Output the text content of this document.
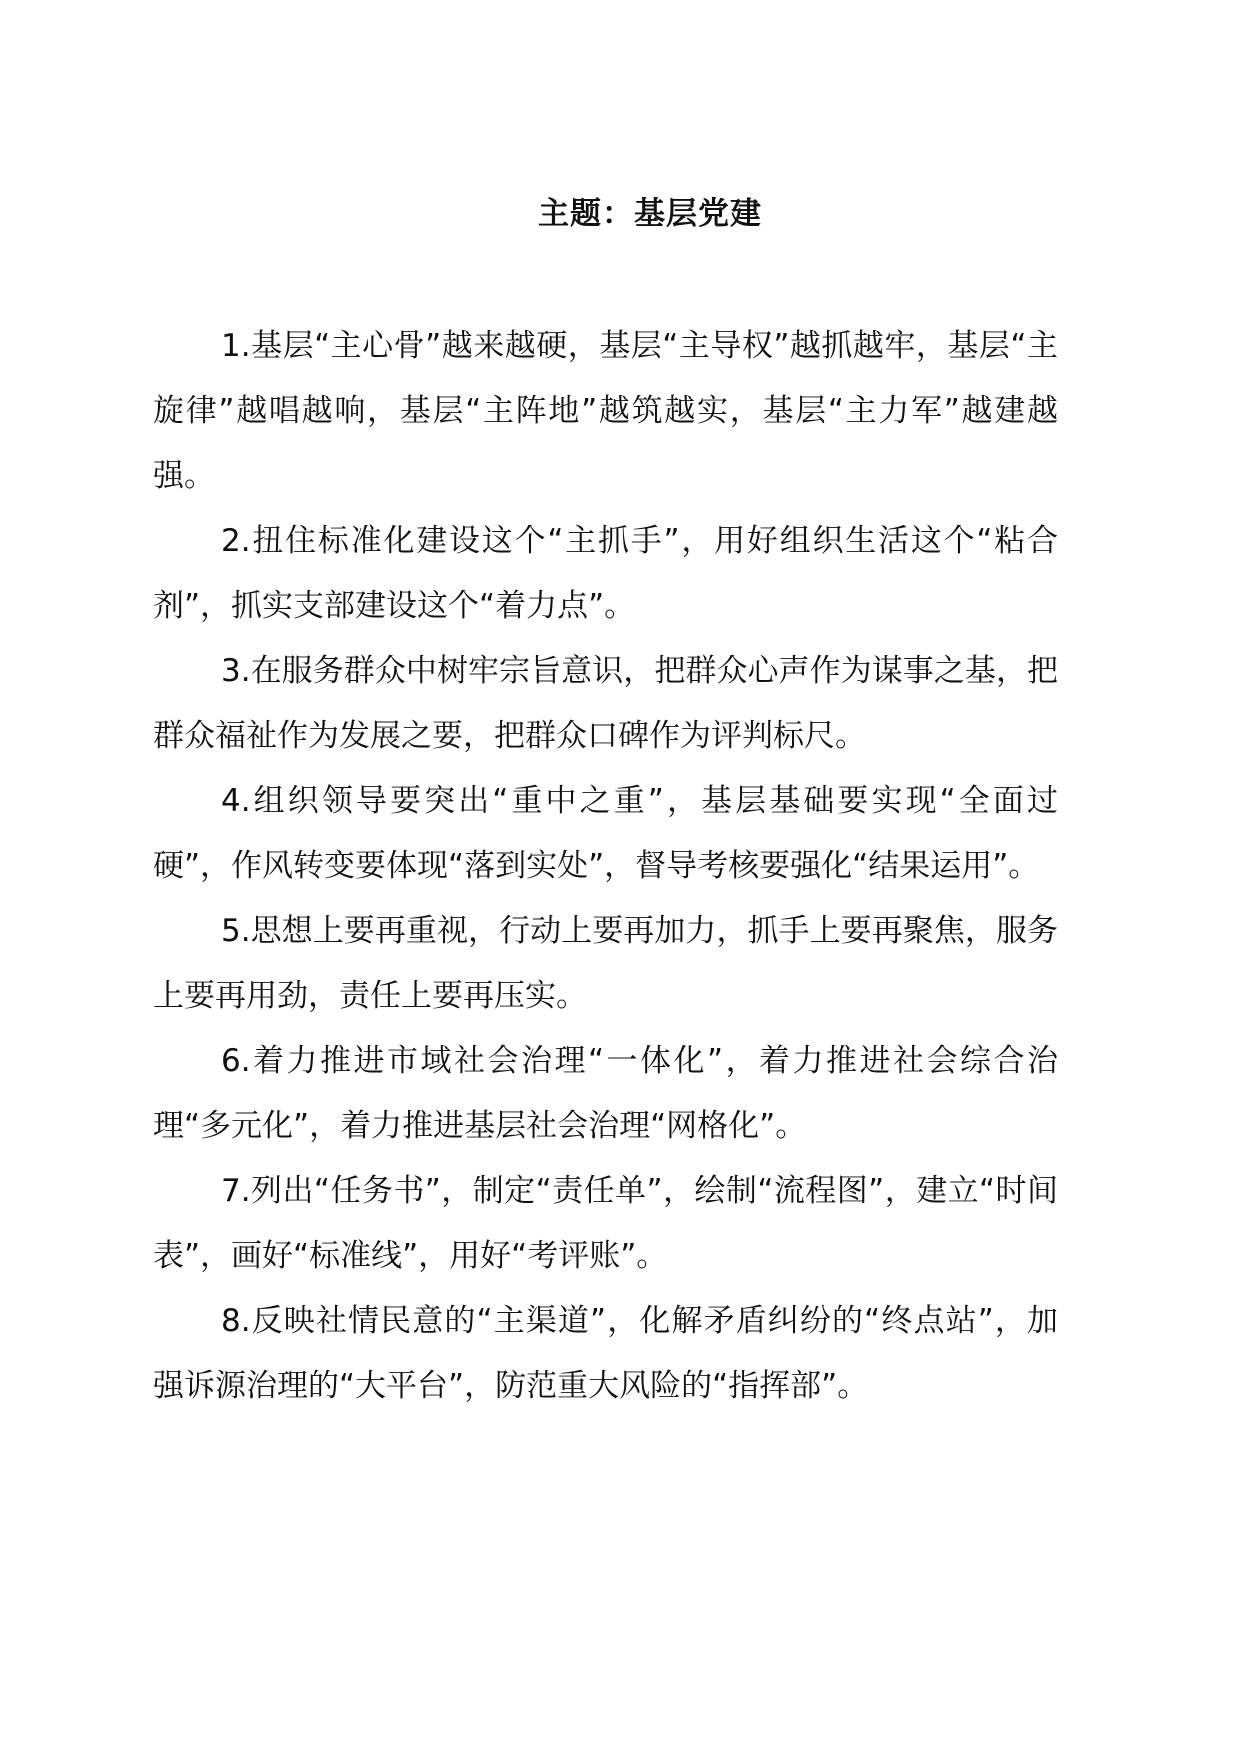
主题：基层党建

1.基层“主心骨”越来越硬，基层“主导权”越抓越牢，基层“主旋律”越唱越响，基层“主阵地”越筑越实，基层“主力军”越建越强。

2.扭住标准化建设这个“主抓手”，用好组织生活这个“粘合剂”，抓实支部建设这个“着力点”。

3.在服务群众中树牢宗旨意识，把群众心声作为谋事之基，把群众福祉作为发展之要，把群众口碑作为评判标尺。

4.组织领导要突出“重中之重”，基层基础要实现“全面过硬”，作风转变要体现“落到实处”，督导考核要强化“结果运用”。

5.思想上要再重视，行动上要再加力，抓手上要再聚焦，服务上要再用劲，责任上要再压实。

6.着力推进市域社会治理“一体化”，着力推进社会综合治理“多元化”，着力推进基层社会治理“网格化”。

7.列出“任务书”，制定“责任单”，绘制“流程图”，建立“时间表”，画好“标准线”，用好“考评账”。

8.反映社情民意的“主渠道”，化解矛盾纠纷的“终点站”，加强诉源治理的“大平台”，防范重大风险的“指挥部”。
